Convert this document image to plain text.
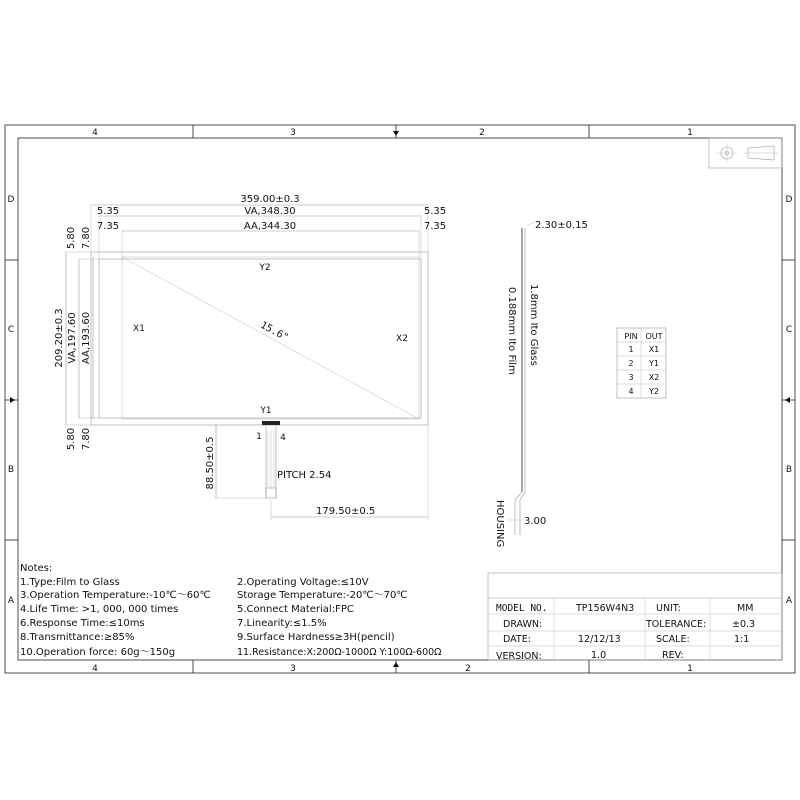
4	3	2	1
4	3	2	1
D
C
B
A
D
C
B
A
359.00±0.3
VA,348.30
AA,344.30
5.35	5.35
7.35	7.35
209.20±0.3 VA,197.60 AA,193.60
5.80 7.80
5.80 7.80
Y2
Y1
X1
X2
15.6"
1 4
88.50±0.5	PITCH 2.54
179.50±0.5
2.30±0.15
1.8mm Ito Glass
0.188mm Ito Film
HOUSING 3.00
PIN OUT
1 X1
2 Y1
3 X2
4 Y2
Notes:
1.Type:Film to Glass
3.Operation Temperature:-10℃～60℃
4.Life Time: >1, 000, 000 times
6.Response Time:≤10ms
8.Transmittance:≥85%
10.Operation force: 60g～150g
2.Operating Voltage:≤10V
Storage Temperature:-20℃～70℃
5.Connect Material:FPC
7.Linearity:≤1.5%
9.Surface Hardness≥3H(pencil)
11.Resistance:X:200Ω-1000Ω Y:100Ω-600Ω
MODEL NO.	TP156W4N3 UNIT:	MM
DRAWN:	TOLERANCE:	±0.3
DATE:	12/12/13	SCALE:	1:1
VERSION:	1.0	REV:
